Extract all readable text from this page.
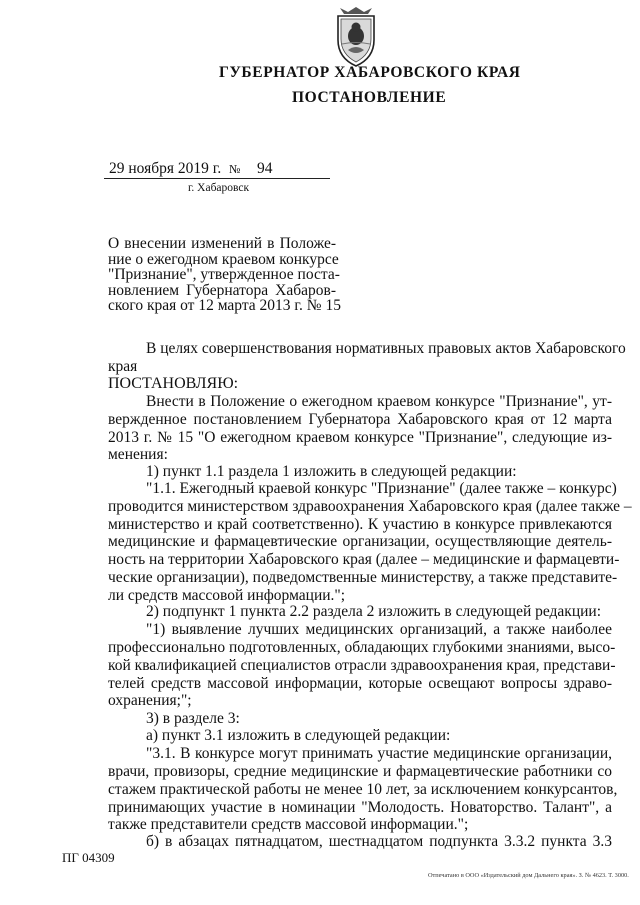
ГУБЕРНАТОР ХАБАРОВСКОГО КРАЯ
ПОСТАНОВЛЕНИЕ
29 ноября 2019 г. № 94
г. Хабаровск
О внесении изменений в Положе-
ние о ежегодном краевом конкурсе
"Признание", утвержденное поста-
новлением Губернатора Хабаров-
ского края от 12 марта 2013 г. № 15
В целях совершенствования нормативных правовых актов Хабаровского
края
ПОСТАНОВЛЯЮ:
Внести в Положение о ежегодном краевом конкурсе "Признание", ут-
вержденное постановлением Губернатора Хабаровского края от 12 марта
2013 г. № 15 "О ежегодном краевом конкурсе "Признание", следующие из-
менения:
1) пункт 1.1 раздела 1 изложить в следующей редакции:
"1.1. Ежегодный краевой конкурс "Признание" (далее также – конкурс)
проводится министерством здравоохранения Хабаровского края (далее также –
министерство и край соответственно). К участию в конкурсе привлекаются
медицинские и фармацевтические организации, осуществляющие деятель-
ность на территории Хабаровского края (далее – медицинские и фармацевти-
ческие организации), подведомственные министерству, а также представите-
ли средств массовой информации.";
2) подпункт 1 пункта 2.2 раздела 2 изложить в следующей редакции:
"1) выявление лучших медицинских организаций, а также наиболее
профессионально подготовленных, обладающих глубокими знаниями, высо-
кой квалификацией специалистов отрасли здравоохранения края, представи-
телей средств массовой информации, которые освещают вопросы здраво-
охранения;";
3) в разделе 3:
а) пункт 3.1 изложить в следующей редакции:
"3.1. В конкурсе могут принимать участие медицинские организации,
врачи, провизоры, средние медицинские и фармацевтические работники со
стажем практической работы не менее 10 лет, за исключением конкурсантов,
принимающих участие в номинации "Молодость. Новаторство. Талант", а
также представители средств массовой информации.";
б) в абзацах пятнадцатом, шестнадцатом подпункта 3.3.2 пункта 3.3
ПГ 04309
Отпечатано в ООО «Издательский дом Дальнего края». З. № 4623. Т. 3000.
